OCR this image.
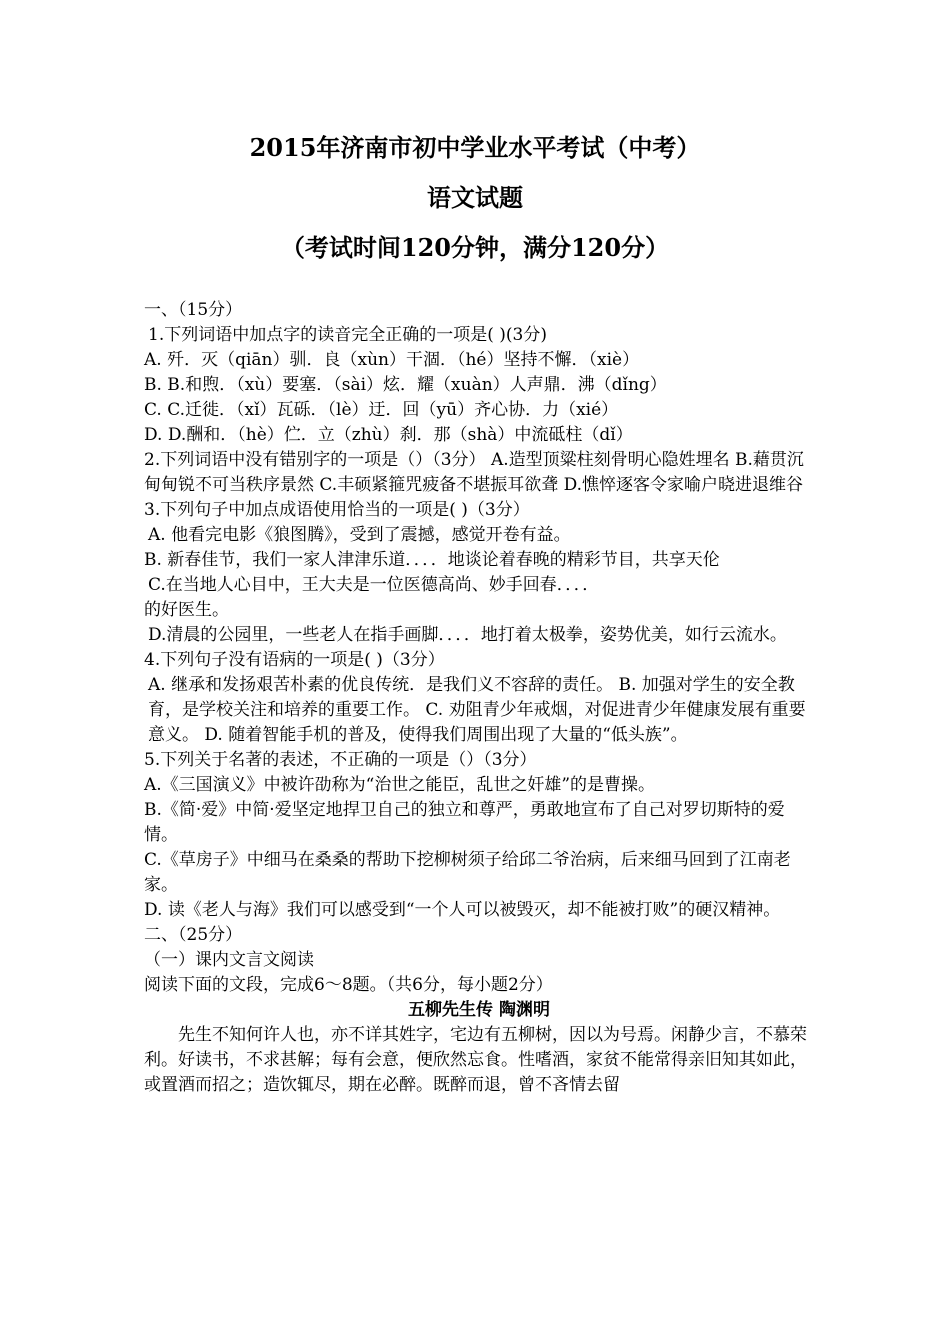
2015年济南市初中学业水平考试（中考）
语文试题
（考试时间120分钟，满分120分）

一、（15分）

1.下列词语中加点字的读音完全正确的一项是( )(3分)

A. 歼．灭（qiān）驯．良（xùn）干涸．（hé）坚持不懈．（xiè）

B. B.和煦．（xù）要塞．（sài）炫．耀（xuàn）人声鼎．沸（dǐng）

C. C.迁徙．（xǐ）瓦砾．（lè）迂．回（yū）齐心协．力（xié）

D. D.酬和．（hè）伫．立（zhù）刹．那（shà）中流砥柱（dǐ）

2.下列词语中没有错别字的一项是（）（3分） A.造型顶粱柱刻骨明心隐姓埋名 B.藉贯沉甸甸锐不可当秩序景然 C.丰硕紧箍咒疲备不堪振耳欲聋 D.憔悴逐客令家喻户晓进退维谷

3.下列句子中加点成语使用恰当的一项是( )（3分）

A. 他看完电影《狼图腾》，受到了震撼，感觉开卷有益。

B. 新春佳节，我们一家人津津乐道．．．．地谈论着春晚的精彩节目，共享天伦

C.在当地人心目中，王大夫是一位医德高尚、妙手回春．．．．

的好医生。

D.清晨的公园里，一些老人在指手画脚．．．．地打着太极拳，姿势优美，如行云流水。

4.下列句子没有语病的一项是( )（3分）

A. 继承和发扬艰苦朴素的优良传统．是我们义不容辞的责任。 B. 加强对学生的安全教育，是学校关注和培养的重要工作。 C. 劝阻青少年戒烟，对促进青少年健康发展有重要意义。 D. 随着智能手机的普及，使得我们周围出现了大量的“低头族”。

5.下列关于名著的表述，不正确的一项是（）（3分）

A.《三国演义》中被许劭称为“治世之能臣，乱世之奸雄”的是曹操。

B.《简·爱》中简·爱坚定地捍卫自己的独立和尊严，勇敢地宣布了自己对罗切斯特的爱情。

C.《草房子》中细马在桑桑的帮助下挖柳树须子给邱二爷治病，后来细马回到了江南老家。

D. 读《老人与海》我们可以感受到“一个人可以被毁灭，却不能被打败”的硬汉精神。

二、（25分）

（一）课内文言文阅读

阅读下面的文段，完成6～8题。（共6分，每小题2分）

五柳先生传 陶渊明

先生不知何许人也，亦不详其姓字，宅边有五柳树，因以为号焉。闲静少言，不慕荣利。好读书，不求甚解；每有会意，便欣然忘食。性嗜酒，家贫不能常得亲旧知其如此，或置酒而招之；造饮辄尽，期在必醉。既醉而退，曾不吝情去留
